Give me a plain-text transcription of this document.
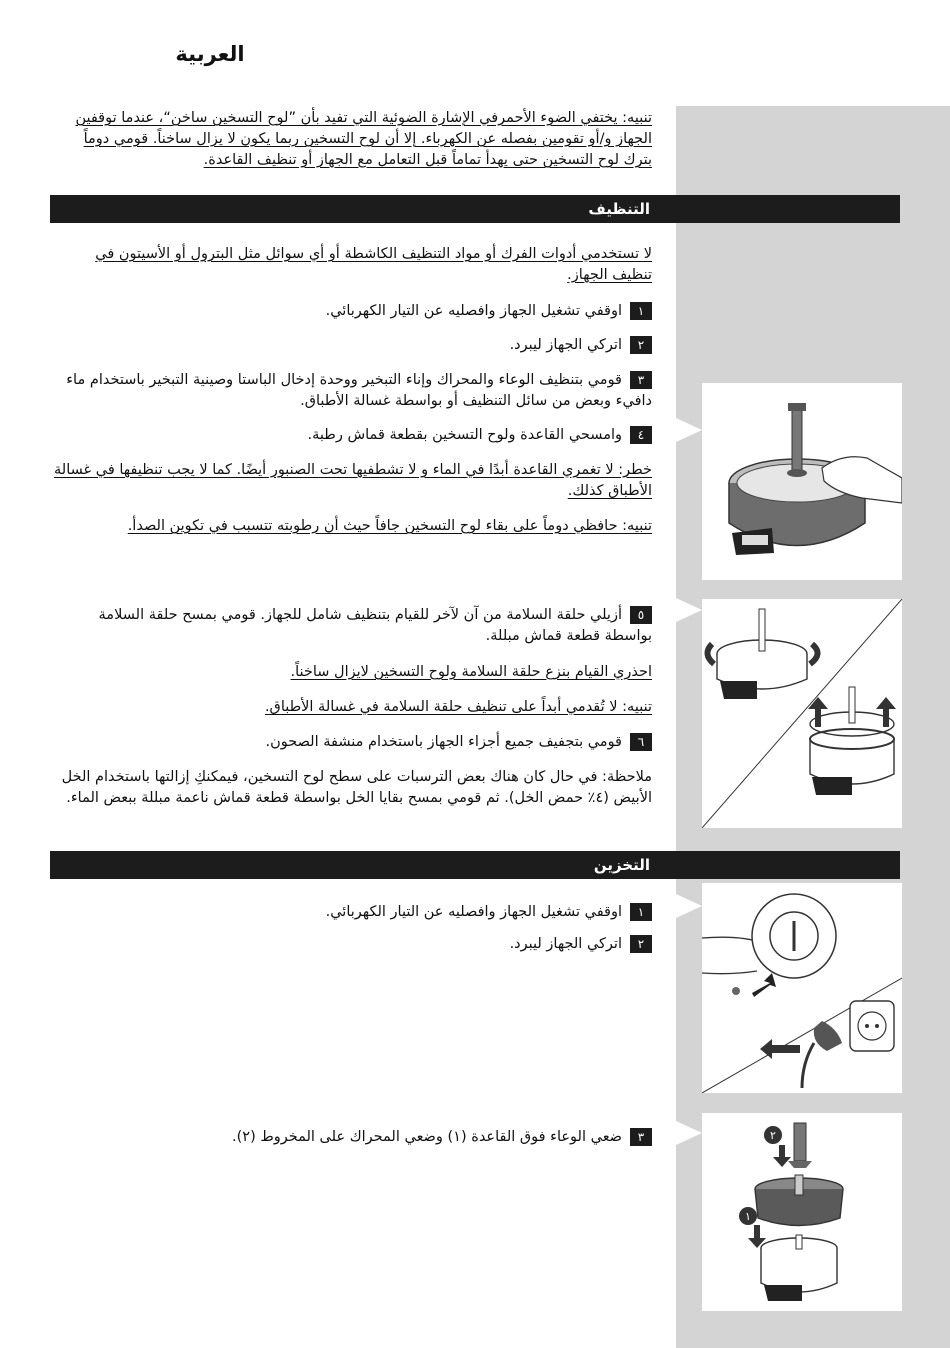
العربية

تنبيه: يختفي الضوء الأحمرفي الإشارة الضوئية التي تفيد بأن ”لوح التسخين ساخن“، عندما توقفين الجهاز و/أو تقومين بفصله عن الكهرباء. إلا أن لوح التسخين ربما يكون لا يزال ساخناً. قومي دوماً بترك لوح التسخين حتى يهدأ تماماً قبل التعامل مع الجهاز أو تنظيف القاعدة.

التنظيف

لا تستخدمي أدوات الفرك أو مواد التنظيف الكاشطة أو أي سوائل مثل البترول أو الأسيتون في تنظيف الجهاز.

١اوقفي تشغيل الجهاز وافصليه عن التيار الكهربائي.
٢اتركي الجهاز ليبرد.
٣قومي بتنظيف الوعاء والمحراك وإناء التبخير ووحدة إدخال الباستا وصينية التبخير باستخدام ماء دافيء وبعض من سائل التنظيف أو بواسطة غسالة الأطباق.
٤وامسحي القاعدة ولوح التسخين بقطعة قماش رطبة.

خطر: لا تغمري القاعدة أبدًا في الماء و لا تشطفيها تحت الصنبور أيضًا. كما لا يجب تنظيفها في غسالة الأطباق كذلك.

تنبيه: حافظي دوماً على بقاء لوح التسخين جافاً حيث أن رطوبته تتسبب في تكوين الصدأ.

٥أزيلي حلقة السلامة من آن لآخر للقيام بتنظيف شامل للجهاز. قومي بمسح حلقة السلامة بواسطة قطعة قماش مبللة.

احذري القيام بنزع حلقة السلامة ولوح التسخين لايزال ساخناً.

تنبيه: لا تُقدمي أبداً على تنظيف حلقة السلامة في غسالة الأطباق.

٦قومي بتجفيف جميع أجزاء الجهاز باستخدام منشفة الصحون.

ملاحظة: في حال كان هناك بعض الترسبات على سطح لوح التسخين، فيمكنكِ إزالتها باستخدام الخل الأبيض (٤٪ حمض الخل). ثم قومي بمسح بقايا الخل بواسطة قطعة قماش ناعمة مبللة ببعض الماء.

التخزين
١اوقفي تشغيل الجهاز وافصليه عن التيار الكهربائي.
٢اتركي الجهاز ليبرد.
٣ضعي الوعاء فوق القاعدة (١) وضعي المحراك على المخروط (٢).	٢
١
